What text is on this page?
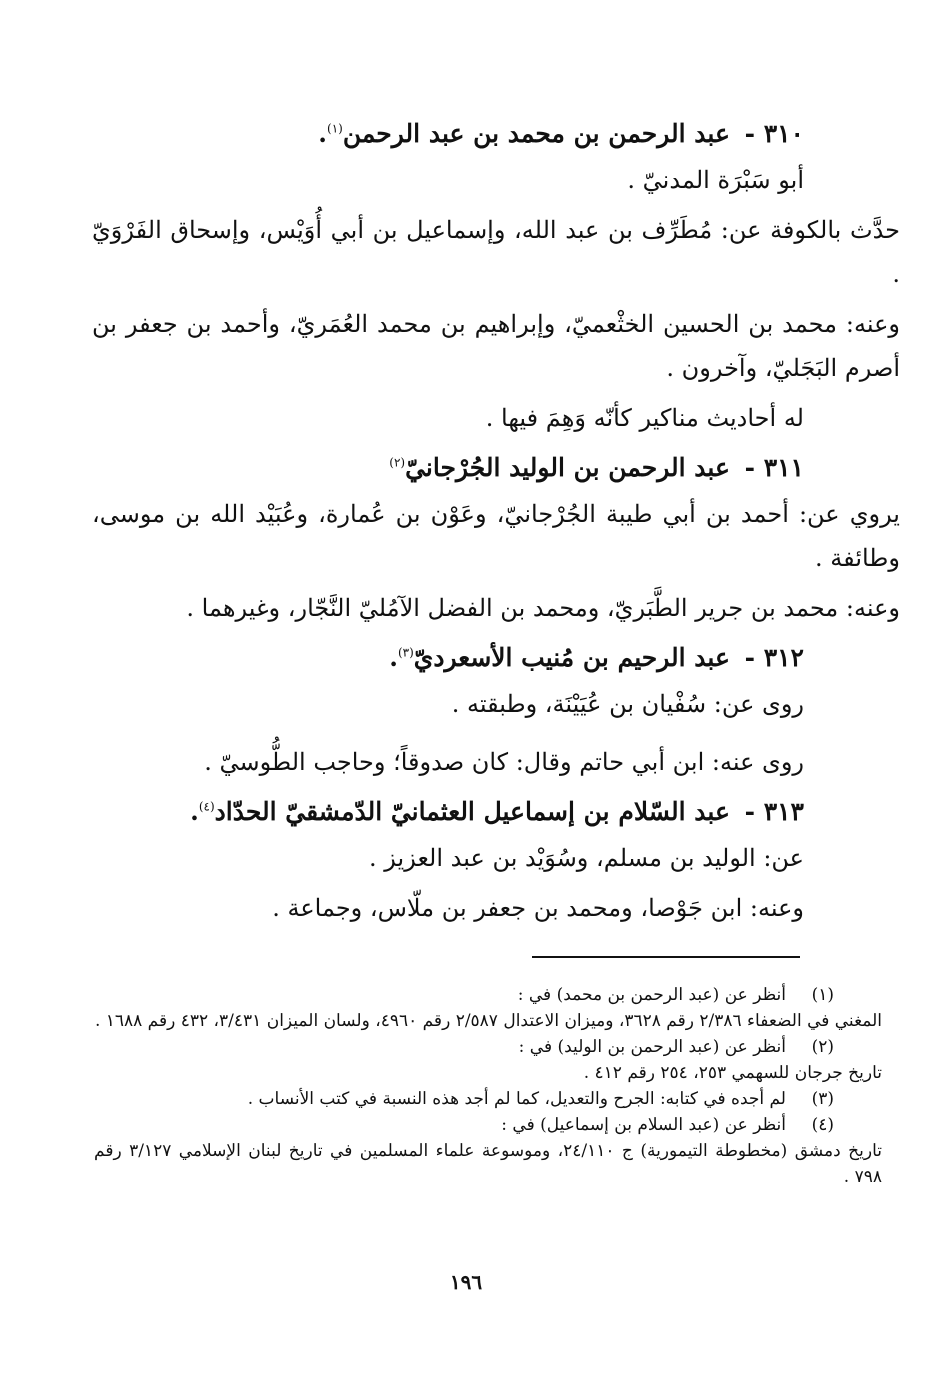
٣١٠ - عبد الرحمن بن محمد بن عبد الرحمن$^{(١)}$.
أبو سَبْرَة المدنيّ .
حدَّث بالكوفة عن: مُطَرِّف بن عبد الله، وإسماعيل بن أبي أُوَيْس، وإسحاق الفَرْوَيّ .
وعنه: محمد بن الحسين الخثْعميّ، وإبراهيم بن محمد العُمَريّ، وأحمد بن جعفر بن أصرم البَجَليّ، وآخرون .
له أحاديث مناكير كأنّه وَهِمَ فيها .
٣١١ - عبد الرحمن بن الوليد الجُرْجانيّ$^{(٢)}$
يروي عن: أحمد بن أبي طيبة الجُرْجانيّ، وعَوْن بن عُمارة، وعُبَيْد الله بن موسى، وطائفة .
وعنه: محمد بن جرير الطَّبَريّ، ومحمد بن الفضل الآمُليّ النَّجّار، وغيرهما .
٣١٢ - عبد الرحيم بن مُنيب الأسعرديّ$^{(٣)}$.
روى عن: سُفْيان بن عُيَيْنَة، وطبقته .
روى عنه: ابن أبي حاتم وقال: كان صدوقاً؛ وحاجب الطُّوسيّ .
٣١٣ - عبد السّلام بن إسماعيل العثمانيّ الدّمشقيّ الحدّاد$^{(٤)}$.
عن: الوليد بن مسلم، وسُوَيْد بن عبد العزيز .
وعنه: ابن جَوْصا، ومحمد بن جعفر بن ملّاس، وجماعة .
(١)
أنظر عن (عبد الرحمن بن محمد) في :
المغني في الضعفاء ٢/٣٨٦ رقم ٣٦٢٨، وميزان الاعتدال ٢/٥٨٧ رقم ٤٩٦٠، ولسان الميزان ٣/٤٣١، ٤٣٢ رقم ١٦٨٨ .
(٢)
أنظر عن (عبد الرحمن بن الوليد) في :
تاريخ جرجان للسهمي ٢٥٣، ٢٥٤ رقم ٤١٢ .
(٣)
لم أجده في كتابه: الجرح والتعديل، كما لم أجد هذه النسبة في كتب الأنساب .
(٤)
أنظر عن (عبد السلام بن إسماعيل) في :
تاريخ دمشق (مخطوطة التيمورية) ج ٢٤/١١٠، وموسوعة علماء المسلمين في تاريخ لبنان الإسلامي ٣/١٢٧ رقم ٧٩٨ .
١٩٦
